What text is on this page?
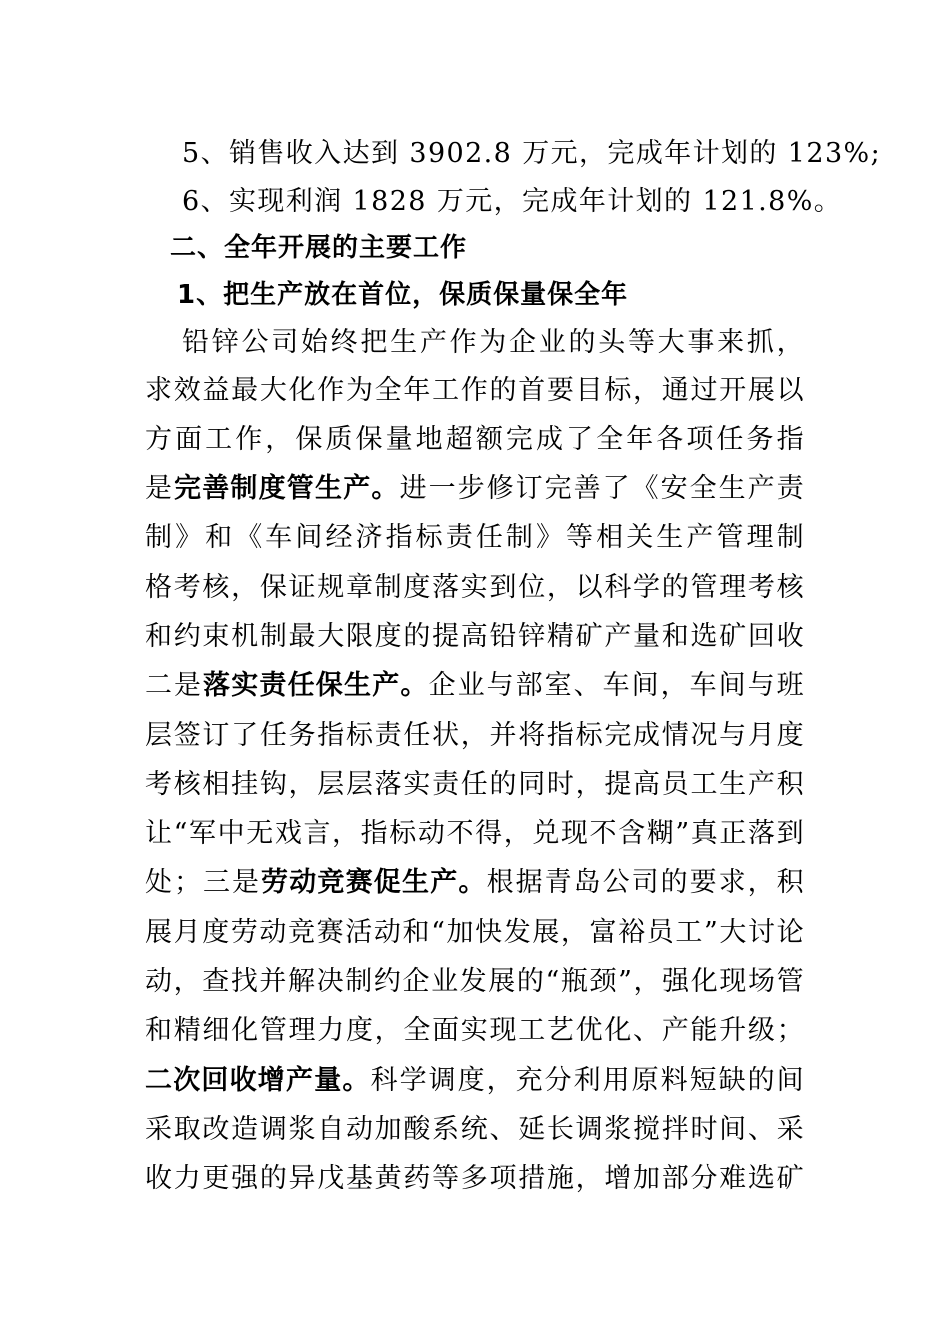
5、销售收入达到 3902.8 万元，完成年计划的 123%;
6、实现利润 1828 万元，完成年计划的 121.8%。
二、全年开展的主要工作
1、把生产放在首位，保质保量保全年
铅锌公司始终把生产作为企业的头等大事来抓，
求效益最大化作为全年工作的首要目标，通过开展以
方面工作，保质保量地超额完成了全年各项任务指
是完善制度管生产。进一步修订完善了《安全生产责
制》和《车间经济指标责任制》等相关生产管理制
格考核，保证规章制度落实到位，以科学的管理考核
和约束机制最大限度的提高铅锌精矿产量和选矿回收
二是落实责任保生产。企业与部室、车间，车间与班
层签订了任务指标责任状，并将指标完成情况与月度
考核相挂钩，层层落实责任的同时，提高员工生产积
让“军中无戏言，指标动不得，兑现不含糊”真正落到
处；三是劳动竞赛促生产。根据青岛公司的要求，积
展月度劳动竞赛活动和“加快发展，富裕员工”大讨论
动，查找并解决制约企业发展的“瓶颈”，强化现场管
和精细化管理力度，全面实现工艺优化、产能升级；
二次回收增产量。科学调度，充分利用原料短缺的间
采取改造调浆自动加酸系统、延长调浆搅拌时间、采
收力更强的异戊基黄药等多项措施，增加部分难选矿
